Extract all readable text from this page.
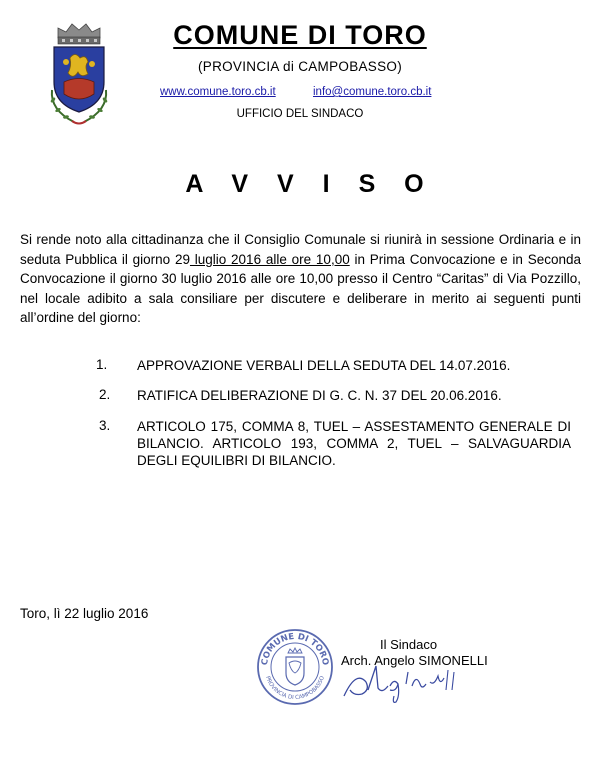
COMUNE DI TORO
(PROVINCIA di CAMPOBASSO)
www.comune.toro.cb.it	info@comune.toro.cb.it
UFFICIO DEL SINDACO
A V V I S O
Si rende noto alla cittadinanza che il Consiglio Comunale si riunirà in sessione Ordinaria e in seduta Pubblica il giorno 29 luglio 2016 alle ore 10,00 in Prima Convocazione e in Seconda Convocazione il giorno 30 luglio 2016 alle ore 10,00 presso il Centro “Caritas” di Via Pozzillo, nel locale adibito a sala consiliare per discutere e deliberare in merito ai seguenti punti all’ordine del giorno:
1. APPROVAZIONE VERBALI DELLA SEDUTA DEL 14.07.2016.
2. RATIFICA DELIBERAZIONE DI G. C. N. 37 DEL 20.06.2016.
3. ARTICOLO 175, COMMA 8, TUEL – ASSESTAMENTO GENERALE DI BILANCIO. ARTICOLO 193, COMMA 2, TUEL – SALVAGUARDIA DEGLI EQUILIBRI DI BILANCIO.
Toro, lì 22 luglio 2016
COMUNE DI TORO
PROVINCIA DI CAMPOBASSO
Il Sindaco
Arch. Angelo SIMONELLI
